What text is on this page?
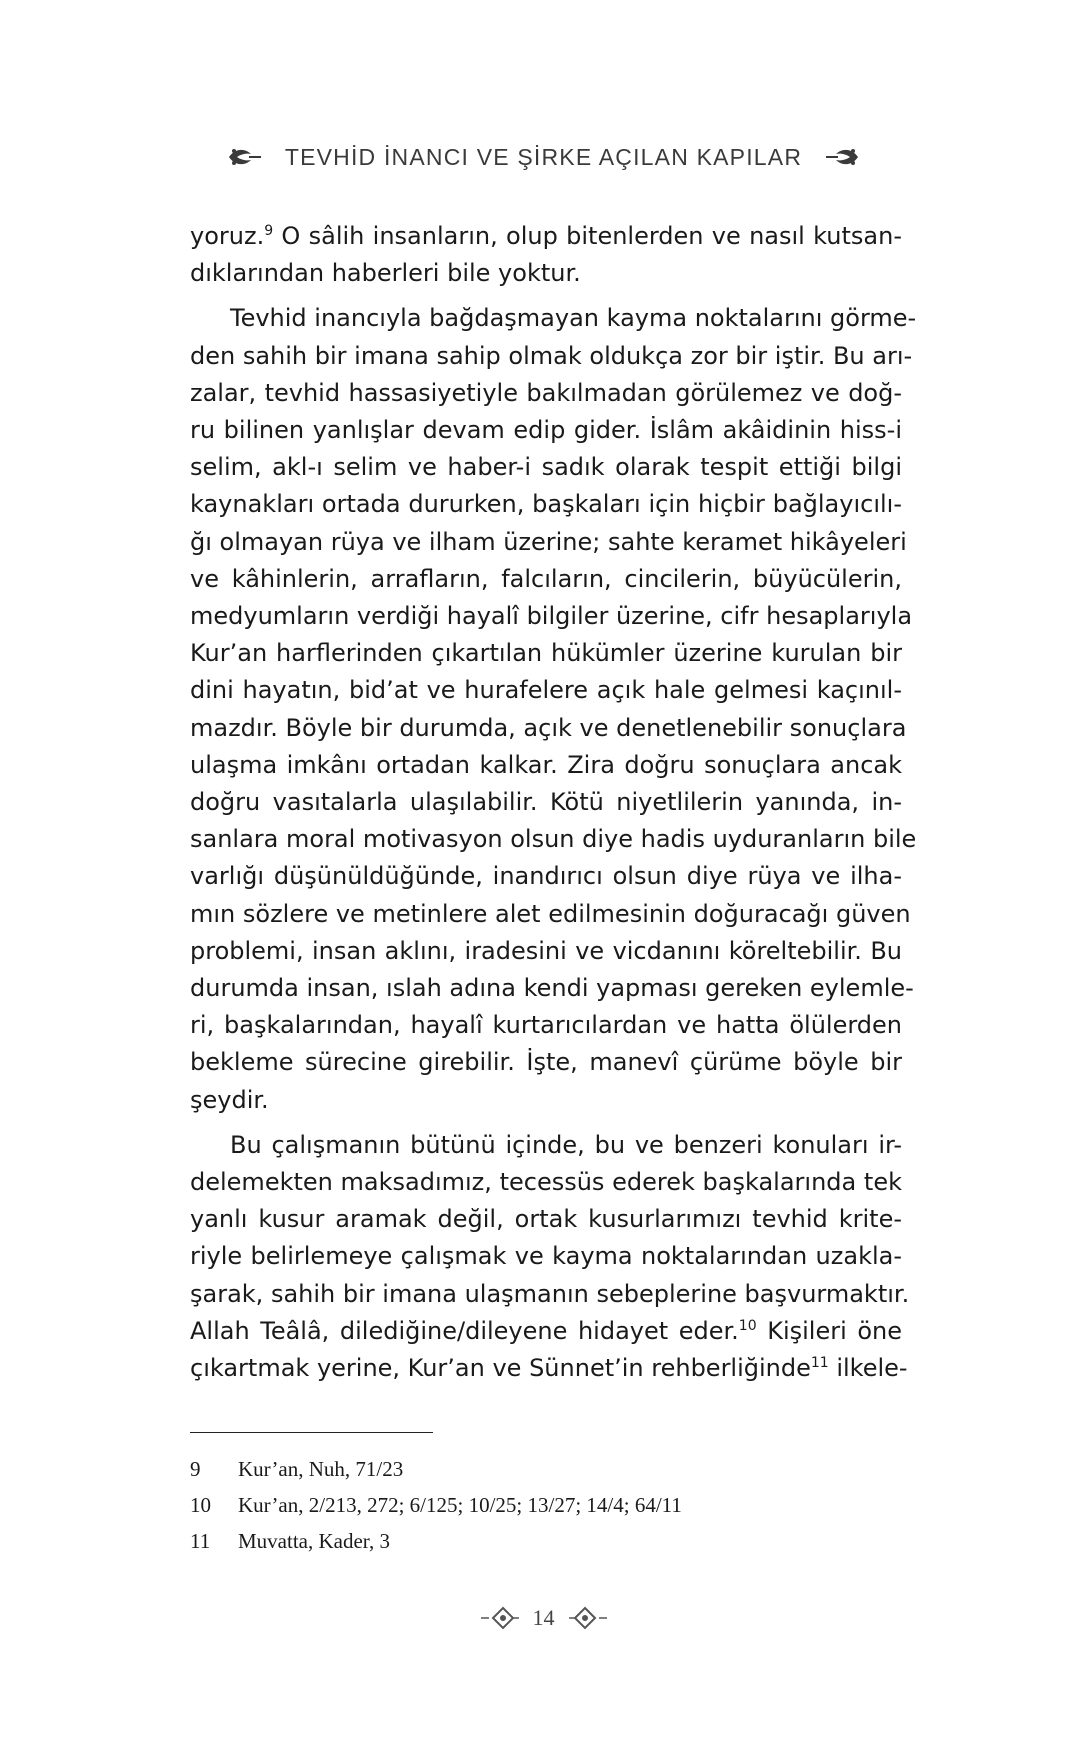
TEVHİD İNANCI VE ŞİRKE AÇILAN KAPILAR

yoruz.$^9$ O sâlih insanların, olup bitenlerden ve nasıl kutsan-

dıklarından haberleri bile yoktur.

Tevhid inancıyla bağdaşmayan kayma noktalarını görme-

den sahih bir imana sahip olmak oldukça zor bir iştir. Bu arı-

zalar, tevhid hassasiyetiyle bakılmadan görülemez ve doğ-

ru bilinen yanlışlar devam edip gider. İslâm akâidinin hiss-i

selim, akl-ı selim ve haber-i sadık olarak tespit ettiği bilgi

kaynakları ortada dururken, başkaları için hiçbir bağlayıcılı-

ğı olmayan rüya ve ilham üzerine; sahte keramet hikâyeleri

ve kâhinlerin, arrafların, falcıların, cincilerin, büyücülerin,

medyumların verdiği hayalî bilgiler üzerine, cifr hesaplarıyla

Kur’an harflerinden çıkartılan hükümler üzerine kurulan bir

dini hayatın, bid’at ve hurafelere açık hale gelmesi kaçınıl-

mazdır. Böyle bir durumda, açık ve denetlenebilir sonuçlara

ulaşma imkânı ortadan kalkar. Zira doğru sonuçlara ancak

doğru vasıtalarla ulaşılabilir. Kötü niyetlilerin yanında, in-

sanlara moral motivasyon olsun diye hadis uyduranların bile

varlığı düşünüldüğünde, inandırıcı olsun diye rüya ve ilha-

mın sözlere ve metinlere alet edilmesinin doğuracağı güven

problemi, insan aklını, iradesini ve vicdanını köreltebilir. Bu

durumda insan, ıslah adına kendi yapması gereken eylemle-

ri, başkalarından, hayalî kurtarıcılardan ve hatta ölülerden

bekleme sürecine girebilir. İşte, manevî çürüme böyle bir

şeydir.

Bu çalışmanın bütünü içinde, bu ve benzeri konuları ir-

delemekten maksadımız, tecessüs ederek başkalarında tek

yanlı kusur aramak değil, ortak kusurlarımızı tevhid krite-

riyle belirlemeye çalışmak ve kayma noktalarından uzakla-

şarak, sahih bir imana ulaşmanın sebeplerine başvurmaktır.

Allah Teâlâ, dilediğine/dileyene hidayet eder.$^{10}$ Kişileri öne

çıkartmak yerine, Kur’an ve Sünnet’in rehberliğinde$^{11}$ ilkele-

9	Kur’an, Nuh, 71/23
10	Kur’an, 2/213, 272; 6/125; 10/25; 13/27; 14/4; 64/11
11	Muvatta, Kader, 3
14
